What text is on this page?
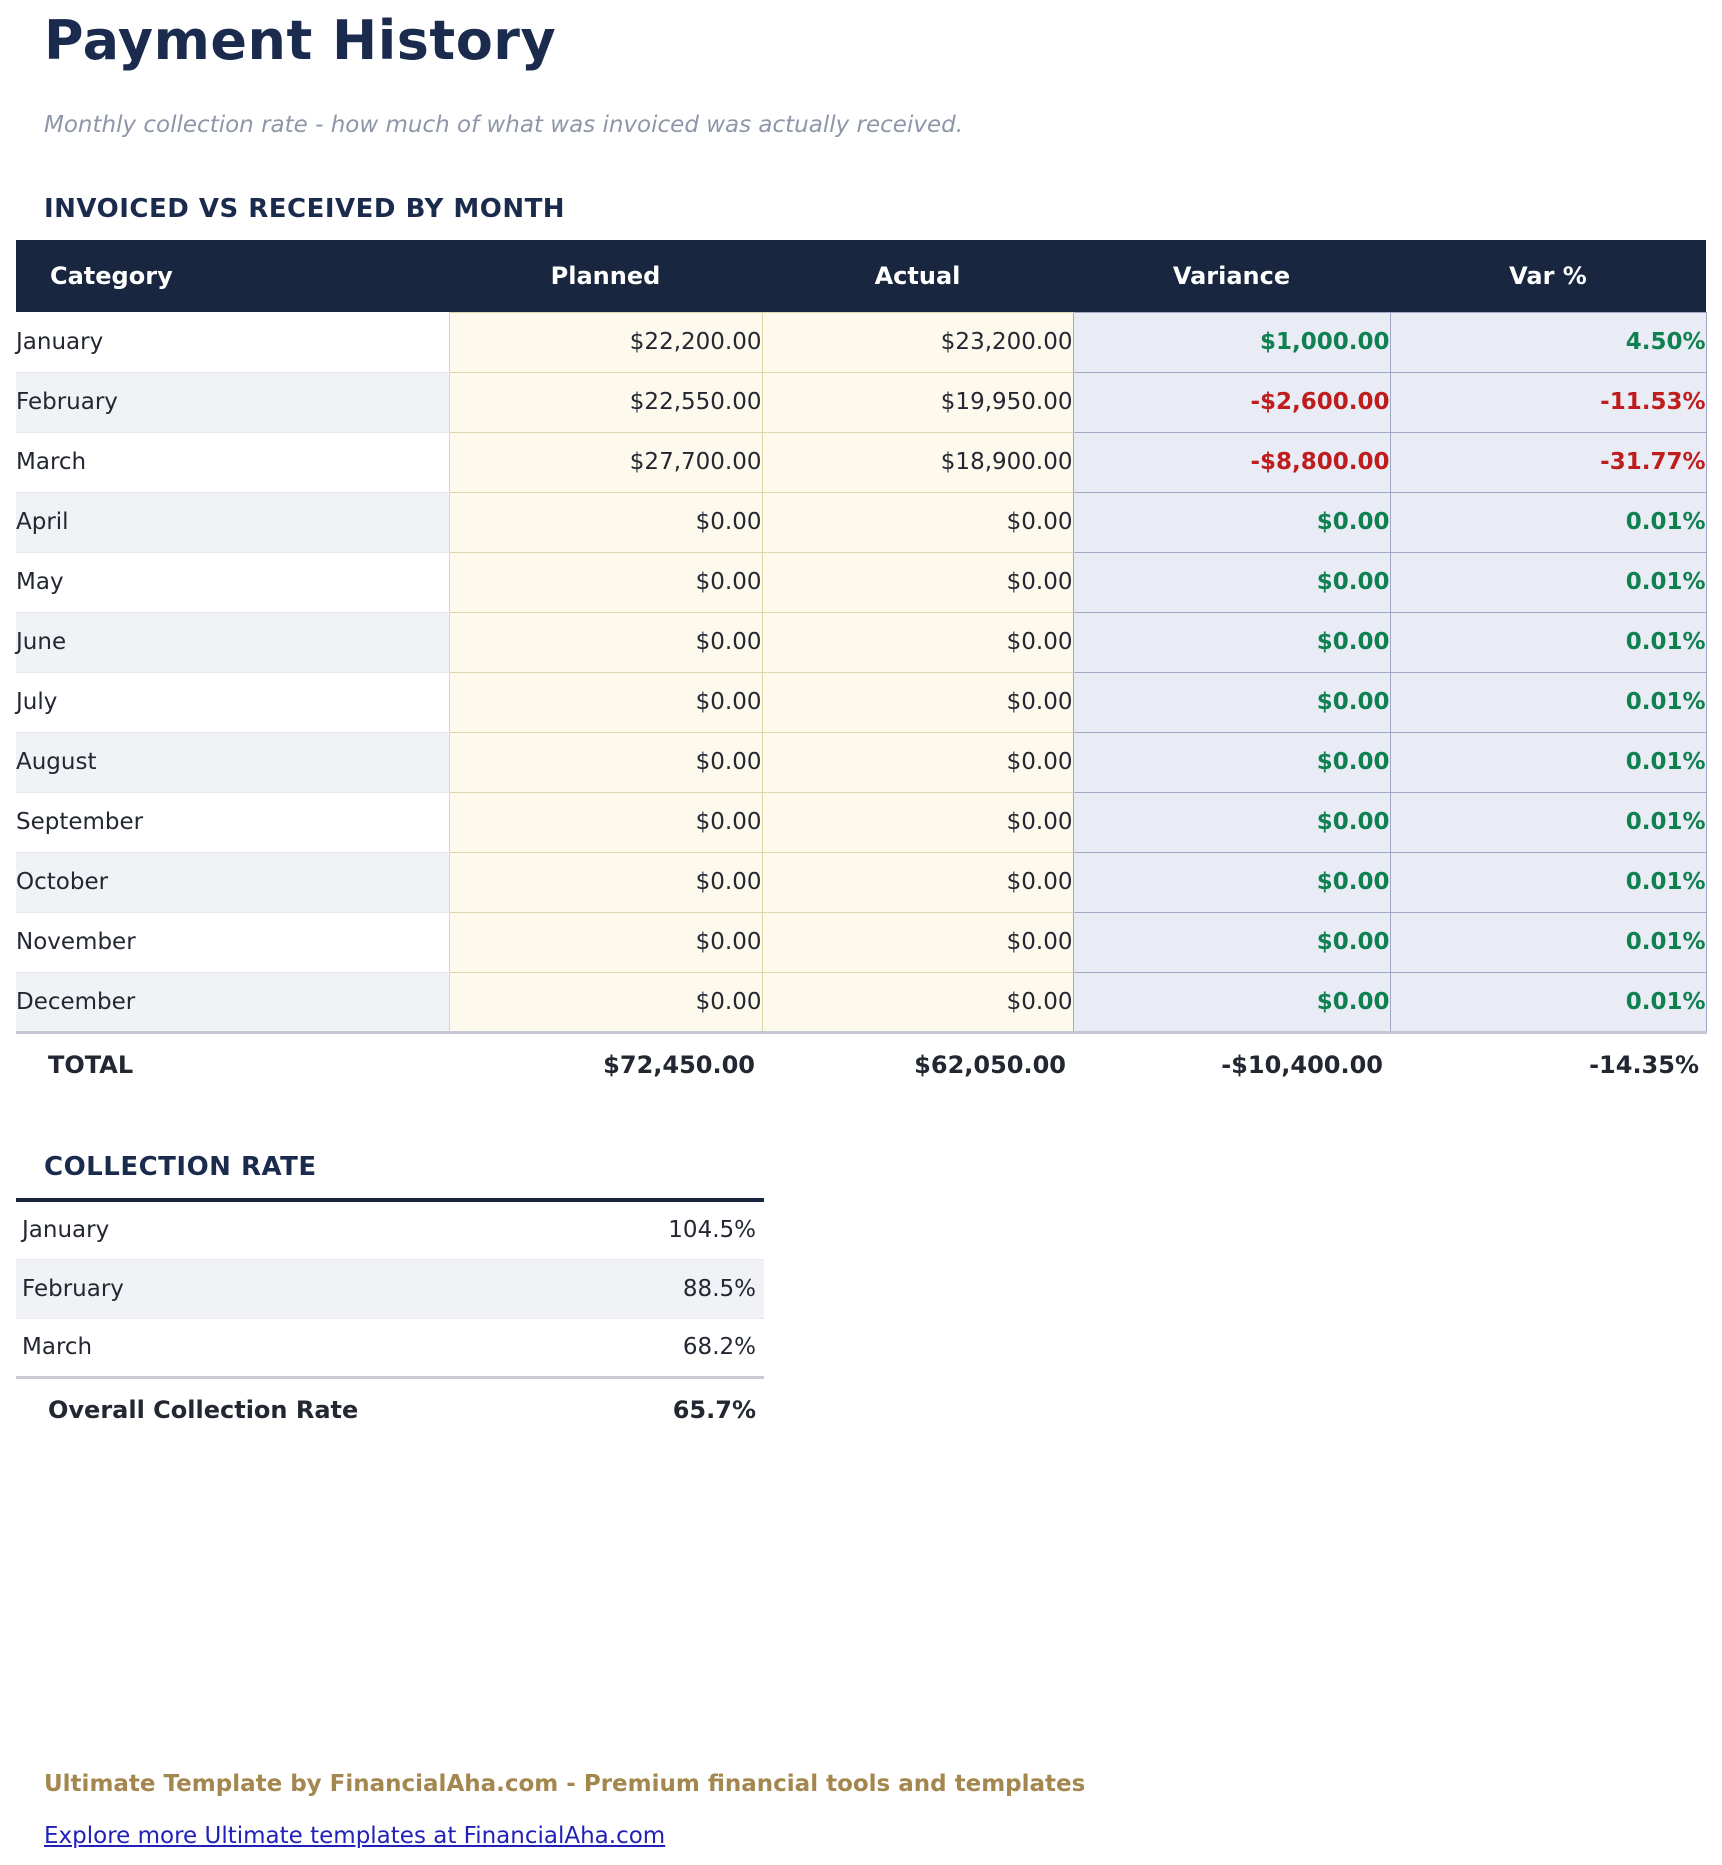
Payment History

Monthly collection rate - how much of what was invoiced was actually received.

INVOICED VS RECEIVED BY MONTH
Category	Planned	Actual	Variance	Var %
January	$22,200.00	$23,200.00	$1,000.00	4.50%
February	$22,550.00	$19,950.00	-$2,600.00	-11.53%
March	$27,700.00	$18,900.00	-$8,800.00	-31.77%
April	$0.00	$0.00	$0.00	0.01%
May	$0.00	$0.00	$0.00	0.01%
June	$0.00	$0.00	$0.00	0.01%
July	$0.00	$0.00	$0.00	0.01%
August	$0.00	$0.00	$0.00	0.01%
September	$0.00	$0.00	$0.00	0.01%
October	$0.00	$0.00	$0.00	0.01%
November	$0.00	$0.00	$0.00	0.01%
December	$0.00	$0.00	$0.00	0.01%
TOTAL	$72,450.00	$62,050.00	-$10,400.00	-14.35%
COLLECTION RATE
January	104.5%
February	88.5%
March	68.2%
Overall Collection Rate	65.7%

Ultimate Template by FinancialAha.com - Premium financial tools and templates

Explore more Ultimate templates at FinancialAha.com
